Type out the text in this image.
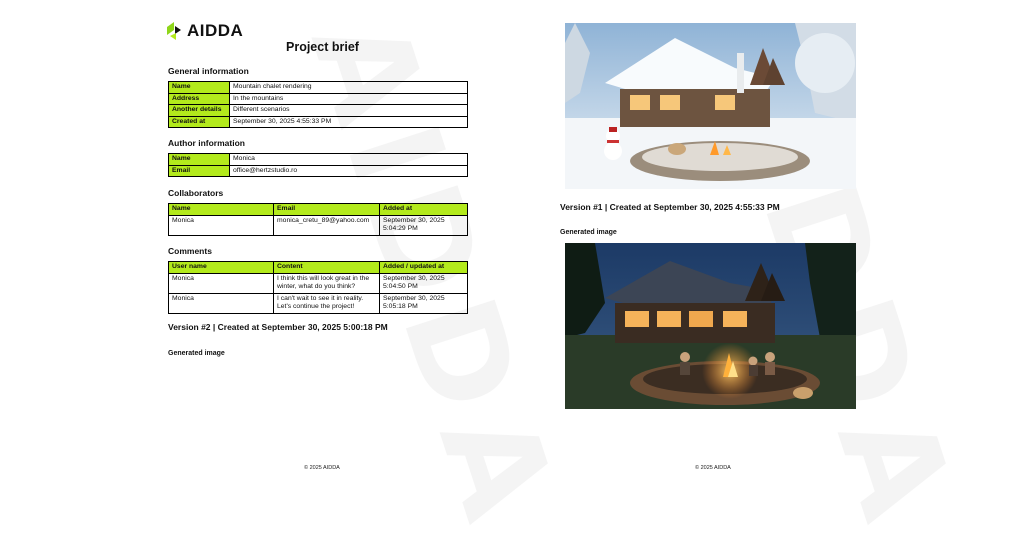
AIDDA
Project brief
General information
Name	Mountain chalet rendering
Address	In the mountains
Another details	Different scenarios
Created at	September 30, 2025 4:55:33 PM
Author information
Name	Monica
Email	office@hertzstudio.ro
Collaborators
Name	Email	Added at
Monica	monica_cretu_89@yahoo.com	September 30, 2025 5:04:29 PM
Comments
User name	Content	Added / updated at
Monica	I think this will look great in the winter, what do you think?	September 30, 2025 5:04:50 PM
Monica	I can't wait to see it in reality. Let's continue the project!	September 30, 2025 5:05:18 PM
Version #2 | Created at September 30, 2025 5:00:18 PM
Generated image
© 2025 AIDDA
Version #1 | Created at September 30, 2025 4:55:33 PM
Generated image
© 2025 AIDDA
